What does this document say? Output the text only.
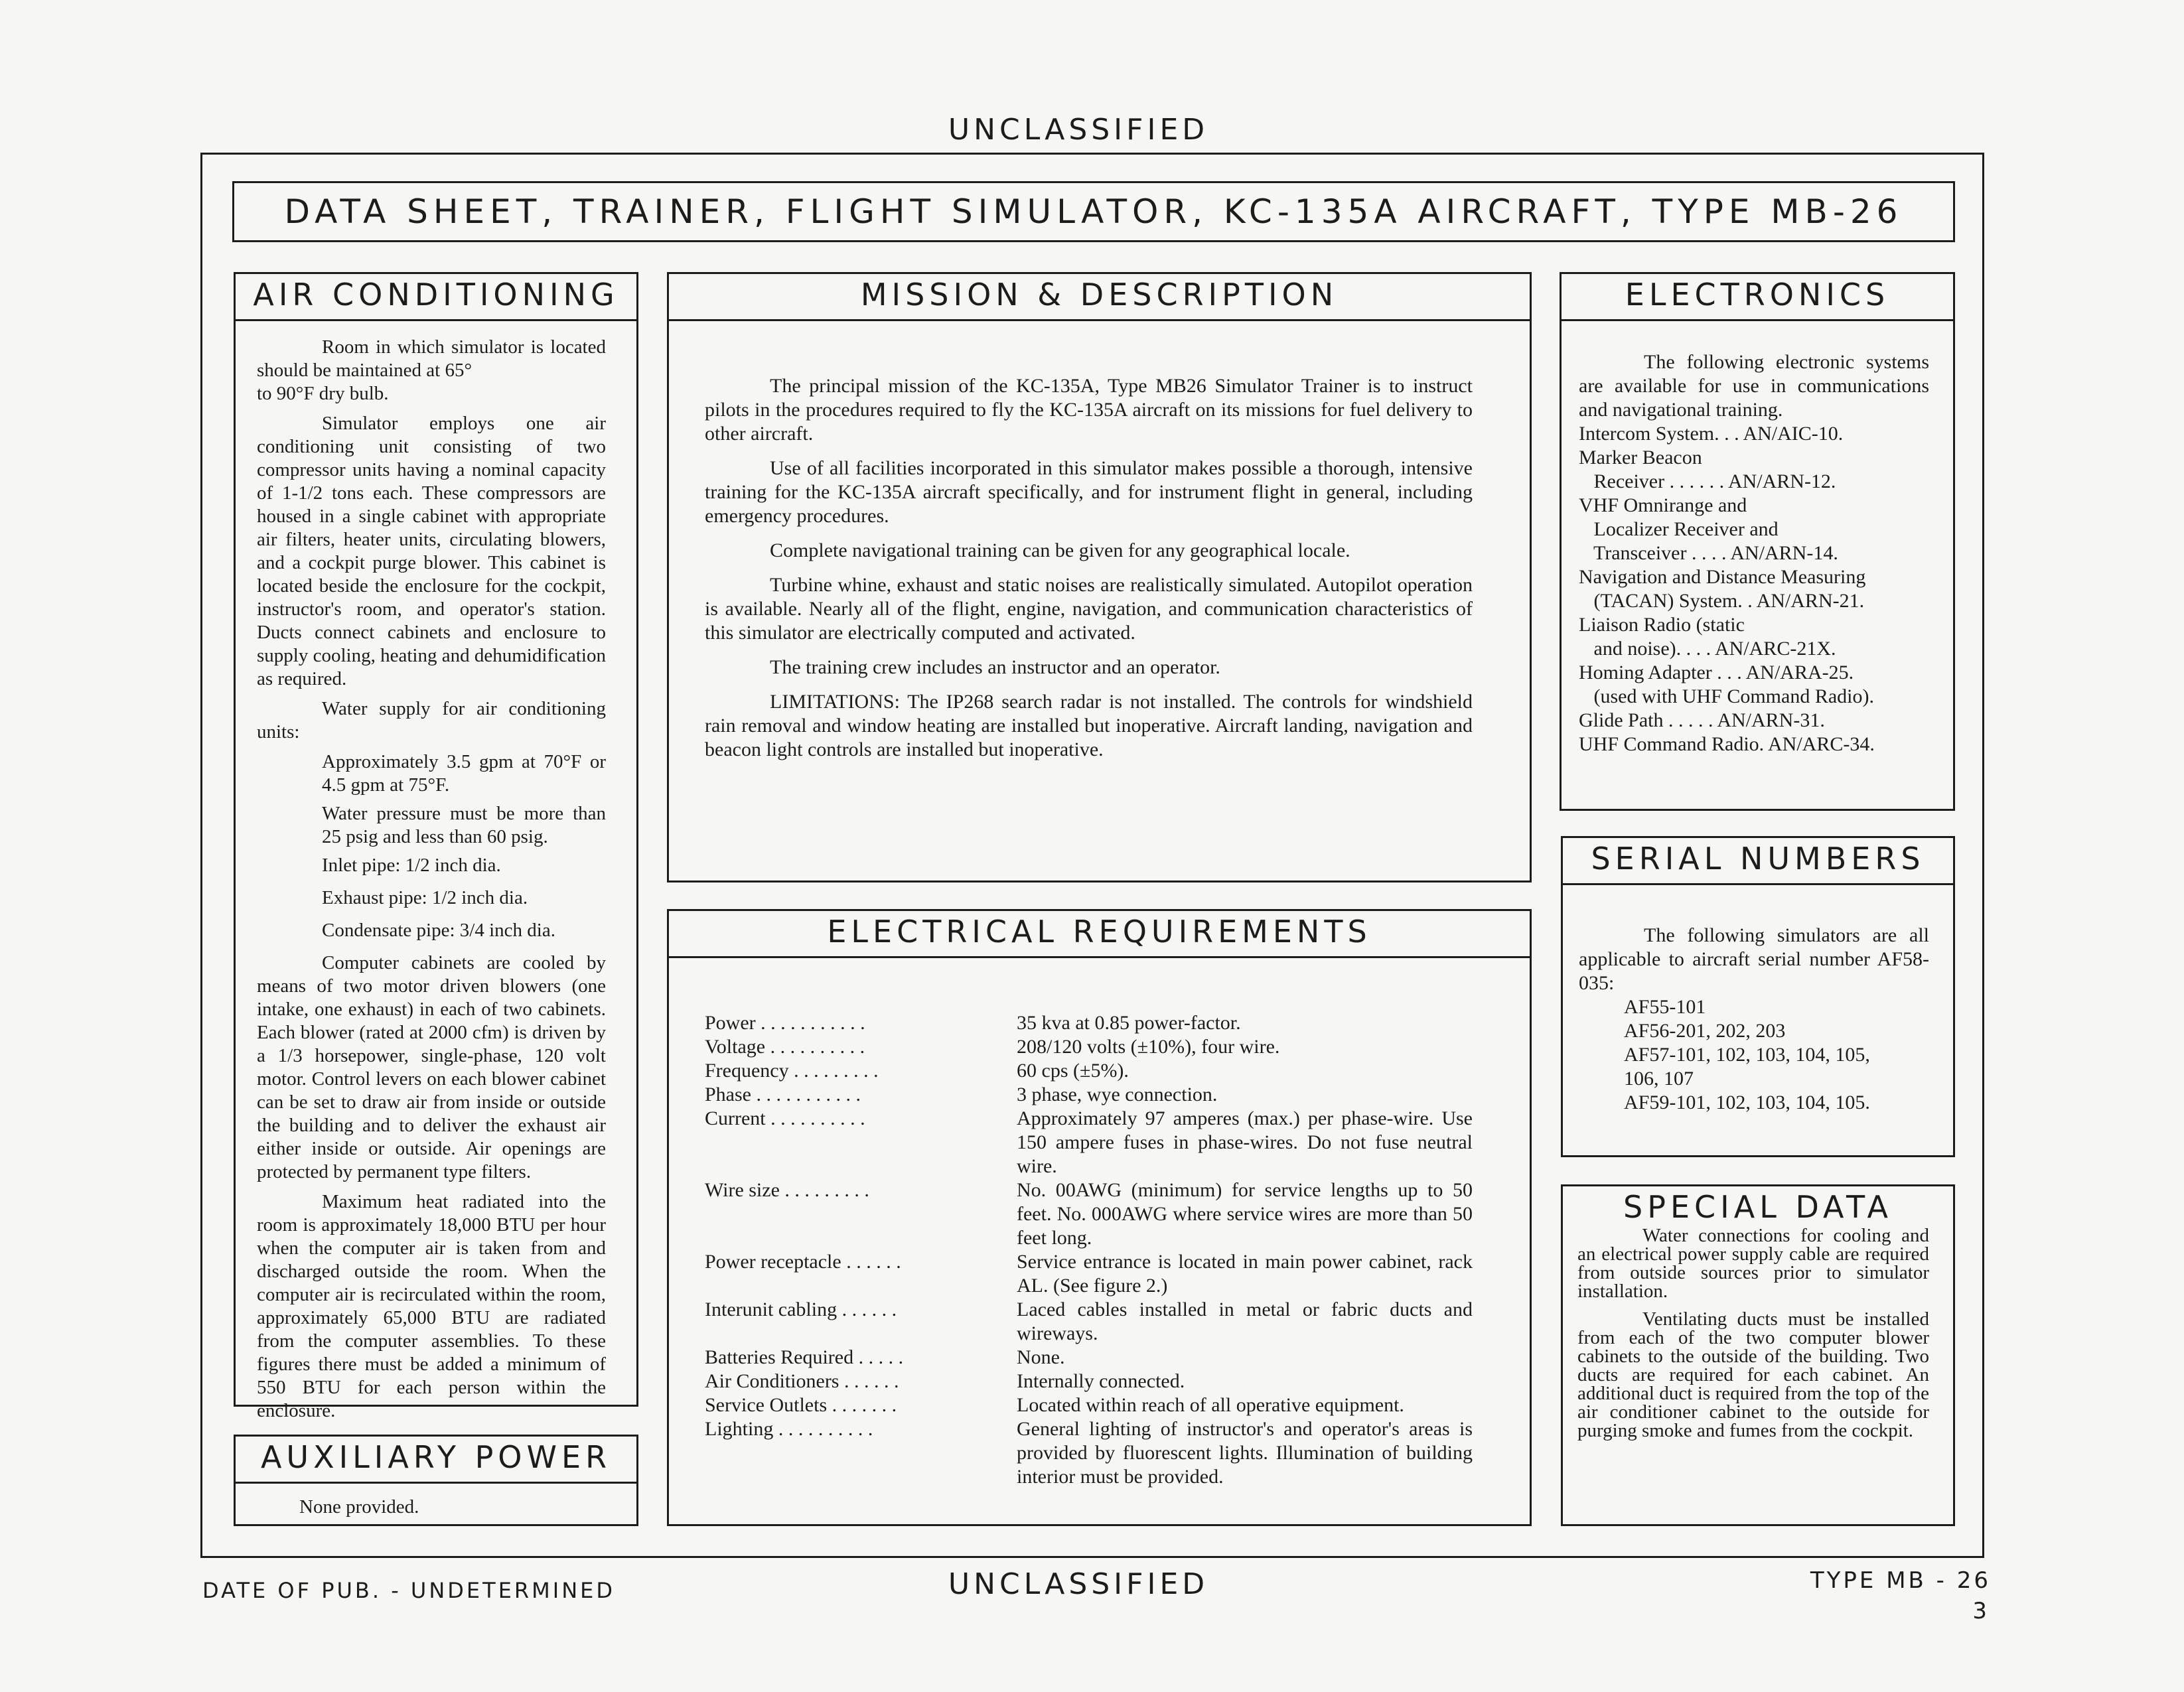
UNCLASSIFIED
DATA SHEET, TRAINER, FLIGHT SIMULATOR, KC-135A AIRCRAFT, TYPE MB-26
AIR CONDITIONING

Room in which simulator is located should be maintained at 65°

to 90°F dry bulb.

Simulator employs one air conditioning unit consisting of two compressor units having a nominal capacity of 1-1/2 tons each. These compressors are housed in a single cabinet with appropriate air filters, heater units, circulating blowers, and a cockpit purge blower. This cabinet is located beside the enclosure for the cockpit, instructor's room, and operator's station. Ducts connect cabinets and enclosure to supply cooling, heating and dehumidification as required.

Water supply for air conditioning units:

Approximately 3.5 gpm at 70°F or 4.5 gpm at 75°F.
Water pressure must be more than 25 psig and less than 60 psig.
Inlet pipe: 1/2 inch dia.
Exhaust pipe: 1/2 inch dia.
Condensate pipe: 3/4 inch dia.

Computer cabinets are cooled by means of two motor driven blowers (one intake, one exhaust) in each of two cabinets. Each blower (rated at 2000 cfm) is driven by a 1/3 horsepower, single-phase, 120 volt motor. Control levers on each blower cabinet can be set to draw air from inside or outside the building and to deliver the exhaust air either inside or outside. Air openings are protected by permanent type filters.

Maximum heat radiated into the room is approximately 18,000 BTU per hour when the computer air is taken from and discharged outside the room. When the computer air is recirculated within the room, approximately 65,000 BTU are radiated from the computer assemblies. To these figures there must be added a minimum of 550 BTU for each person within the enclosure.

AUXILIARY POWER
None provided.
MISSION & DESCRIPTION

The principal mission of the KC-135A, Type MB26 Simulator Trainer is to instruct pilots in the procedures required to fly the KC-135A aircraft on its missions for fuel delivery to other aircraft.

Use of all facilities incorporated in this simulator makes possible a thorough, intensive training for the KC-135A aircraft specifically, and for instrument flight in general, including emergency procedures.

Complete navigational training can be given for any geographical locale.

Turbine whine, exhaust and static noises are realistically simulated. Autopilot operation is available. Nearly all of the flight, engine, navigation, and communication characteristics of this simulator are electrically computed and activated.

The training crew includes an instructor and an operator.

LIMITATIONS: The IP268 search radar is not installed. The controls for windshield rain removal and window heating are installed but inoperative. Aircraft landing, navigation and beacon light controls are installed but inoperative.

ELECTRICAL REQUIREMENTS
Power . . . . . . . . . . .	35 kva at 0.85 power-factor.
Voltage . . . . . . . . . .	208/120 volts (±10%), four wire.
Frequency . . . . . . . . .	60 cps (±5%).
Phase . . . . . . . . . . .	3 phase, wye connection.
Current . . . . . . . . . .	Approximately 97 amperes (max.) per phase-wire. Use 150 ampere fuses in phase-wires. Do not fuse neutral wire.
Wire size . . . . . . . . .	No. 00AWG (minimum) for service lengths up to 50 feet. No. 000AWG where service wires are more than 50 feet long.
Power receptacle . . . . . .	Service entrance is located in main power cabinet, rack AL. (See figure 2.)
Interunit cabling . . . . . .	Laced cables installed in metal or fabric ducts and wireways.
Batteries Required . . . . .	None.
Air Conditioners . . . . . .	Internally connected.
Service Outlets . . . . . . .	Located within reach of all operative equipment.
Lighting . . . . . . . . . .	General lighting of instructor's and operator's areas is provided by fluorescent lights. Illumination of building interior must be provided.
ELECTRONICS

The following electronic systems are available for use in communications and navigational training.

Intercom System. . . AN/AIC-10.
Marker Beacon
Receiver . . . . . . AN/ARN-12.
VHF Omnirange and
Localizer Receiver and
Transceiver . . . . AN/ARN-14.
Navigation and Distance Measuring
(TACAN) System. . AN/ARN-21.
Liaison Radio (static
and noise). . . . AN/ARC-21X.
Homing Adapter . . . AN/ARA-25.
(used with UHF Command Radio).
Glide Path . . . . . AN/ARN-31.
UHF Command Radio. AN/ARC-34.
SERIAL NUMBERS

The following simulators are all applicable to aircraft serial number AF58-035:

AF55-101
AF56-201, 202, 203
AF57-101, 102, 103, 104, 105,
106, 107
AF59-101, 102, 103, 104, 105.
SPECIAL DATA

Water connections for cooling and an electrical power supply cable are required from outside sources prior to simulator installation.

Ventilating ducts must be installed from each of the two computer blower cabinets to the outside of the building. Two ducts are required for each cabinet. An additional duct is required from the top of the air conditioner cabinet to the outside for purging smoke and fumes from the cockpit.

DATE OF PUB. - UNDETERMINED	UNCLASSIFIED	TYPE MB - 26
3
